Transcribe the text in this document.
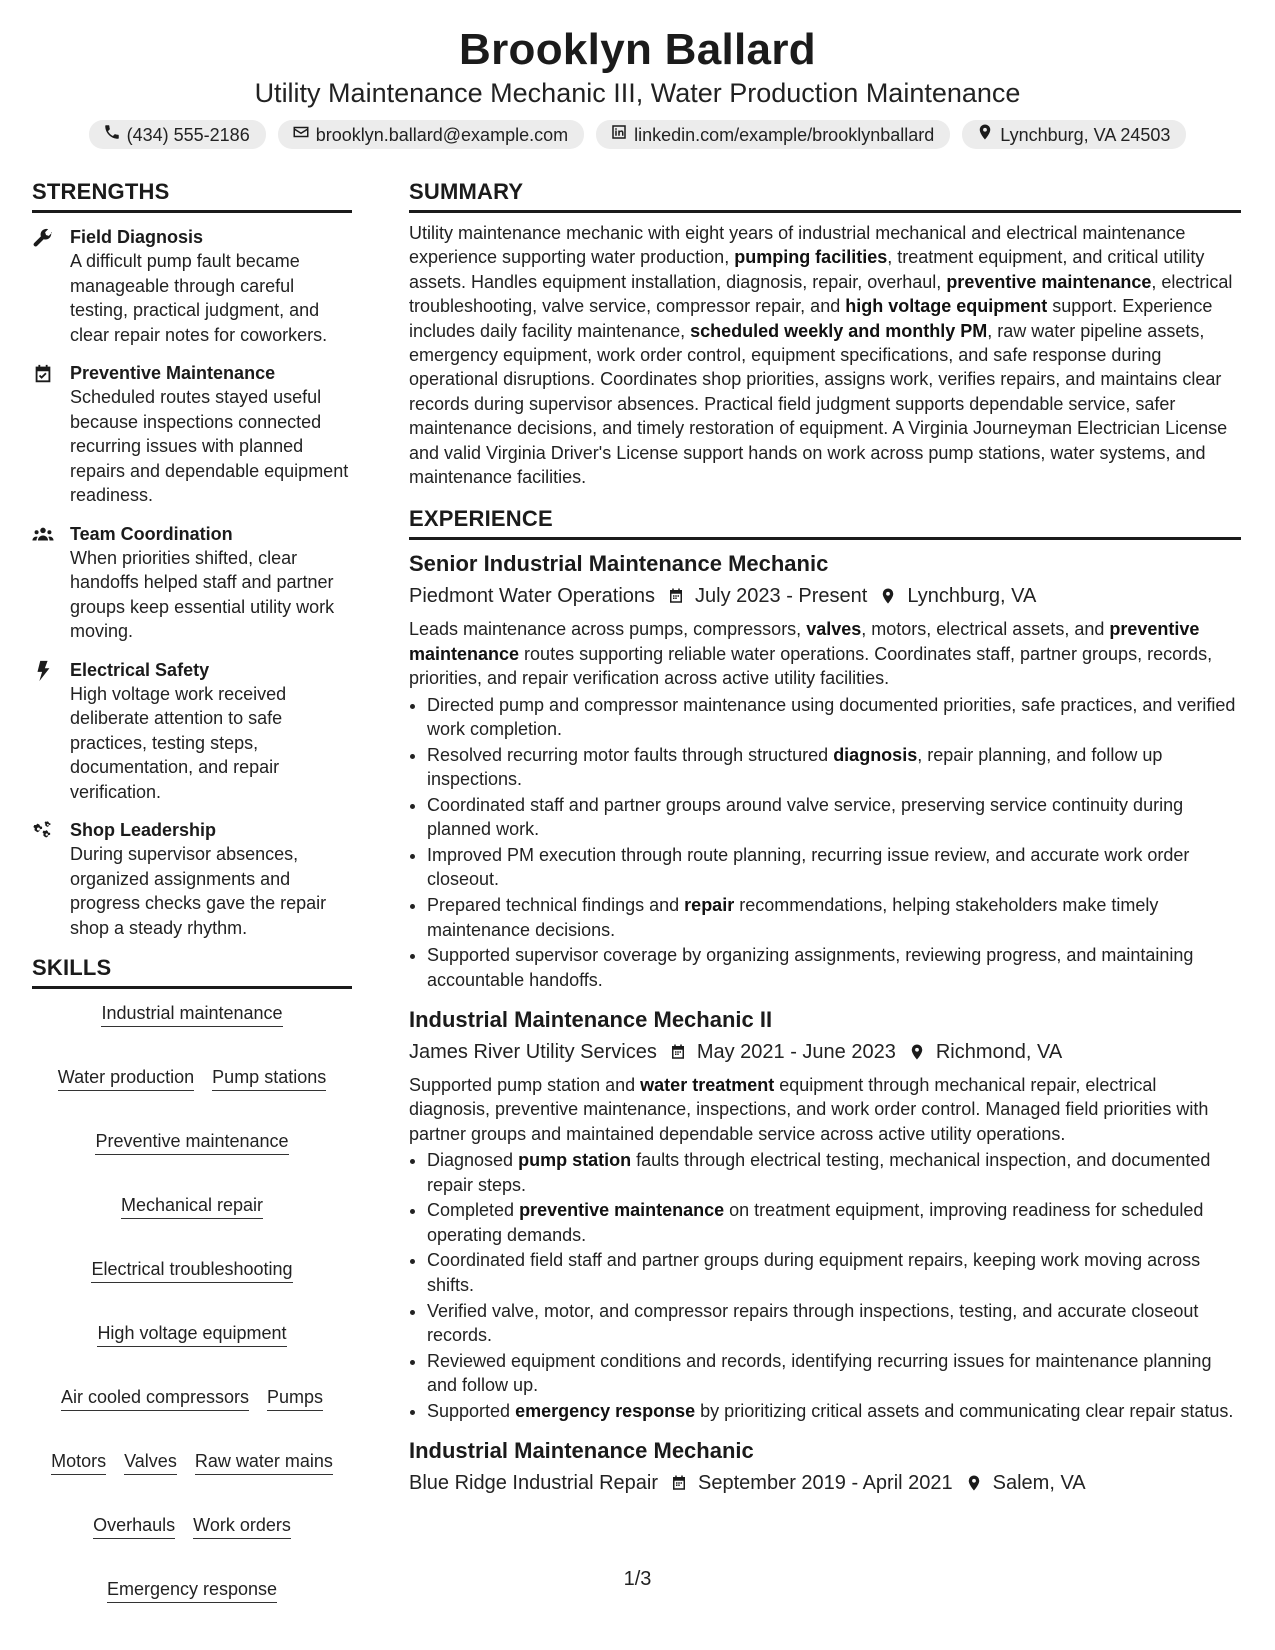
Brooklyn Ballard
Utility Maintenance Mechanic III, Water Production Maintenance
(434) 555-2186	brooklyn.ballard@example.com	linkedin.com/example/brooklynballard	Lynchburg, VA 24503
STRENGTHS
Field Diagnosis
A difficult pump fault became manageable through careful testing, practical judgment, and clear repair notes for coworkers.
Preventive Maintenance
Scheduled routes stayed useful because inspections connected recurring issues with planned repairs and dependable equipment readiness.
Team Coordination
When priorities shifted, clear handoffs helped staff and partner groups keep essential utility work moving.
Electrical Safety
High voltage work received deliberate attention to safe practices, testing steps, documentation, and repair verification.
Shop Leadership
During supervisor absences, organized assignments and progress checks gave the repair shop a steady rhythm.
SKILLS
Industrial maintenance
Water production Pump stations
Preventive maintenance
Mechanical repair
Electrical troubleshooting
High voltage equipment
Air cooled compressors Pumps
Motors Valves Raw water mains
Overhauls Work orders
Emergency response
SUMMARY
Utility maintenance mechanic with eight years of industrial mechanical and electrical maintenance experience supporting water production, pumping facilities, treatment equipment, and critical utility assets. Handles equipment installation, diagnosis, repair, overhaul, preventive maintenance, electrical troubleshooting, valve service, compressor repair, and high voltage equipment support. Experience includes daily facility maintenance, scheduled weekly and monthly PM, raw water pipeline assets, emergency equipment, work order control, equipment specifications, and safe response during operational disruptions. Coordinates shop priorities, assigns work, verifies repairs, and maintains clear records during supervisor absences. Practical field judgment supports dependable service, safer maintenance decisions, and timely restoration of equipment. A Virginia Journeyman Electrician License and valid Virginia Driver's License support hands on work across pump stations, water systems, and maintenance facilities.
EXPERIENCE
Senior Industrial Maintenance Mechanic
Piedmont Water Operations July 2023 - Present Lynchburg, VA
Leads maintenance across pumps, compressors, valves, motors, electrical assets, and preventive maintenance routes supporting reliable water operations. Coordinates staff, partner groups, records, priorities, and repair verification across active utility facilities.
• Directed pump and compressor maintenance using documented priorities, safe practices, and verified work completion.
• Resolved recurring motor faults through structured diagnosis, repair planning, and follow up inspections.
• Coordinated staff and partner groups around valve service, preserving service continuity during planned work.
• Improved PM execution through route planning, recurring issue review, and accurate work order closeout.
• Prepared technical findings and repair recommendations, helping stakeholders make timely maintenance decisions.
• Supported supervisor coverage by organizing assignments, reviewing progress, and maintaining accountable handoffs.
Industrial Maintenance Mechanic II
James River Utility Services May 2021 - June 2023 Richmond, VA
Supported pump station and water treatment equipment through mechanical repair, electrical diagnosis, preventive maintenance, inspections, and work order control. Managed field priorities with partner groups and maintained dependable service across active utility operations.
• Diagnosed pump station faults through electrical testing, mechanical inspection, and documented repair steps.
• Completed preventive maintenance on treatment equipment, improving readiness for scheduled operating demands.
• Coordinated field staff and partner groups during equipment repairs, keeping work moving across shifts.
• Verified valve, motor, and compressor repairs through inspections, testing, and accurate closeout records.
• Reviewed equipment conditions and records, identifying recurring issues for maintenance planning and follow up.
• Supported emergency response by prioritizing critical assets and communicating clear repair status.
Industrial Maintenance Mechanic
Blue Ridge Industrial Repair September 2019 - April 2021 Salem, VA
1/3
